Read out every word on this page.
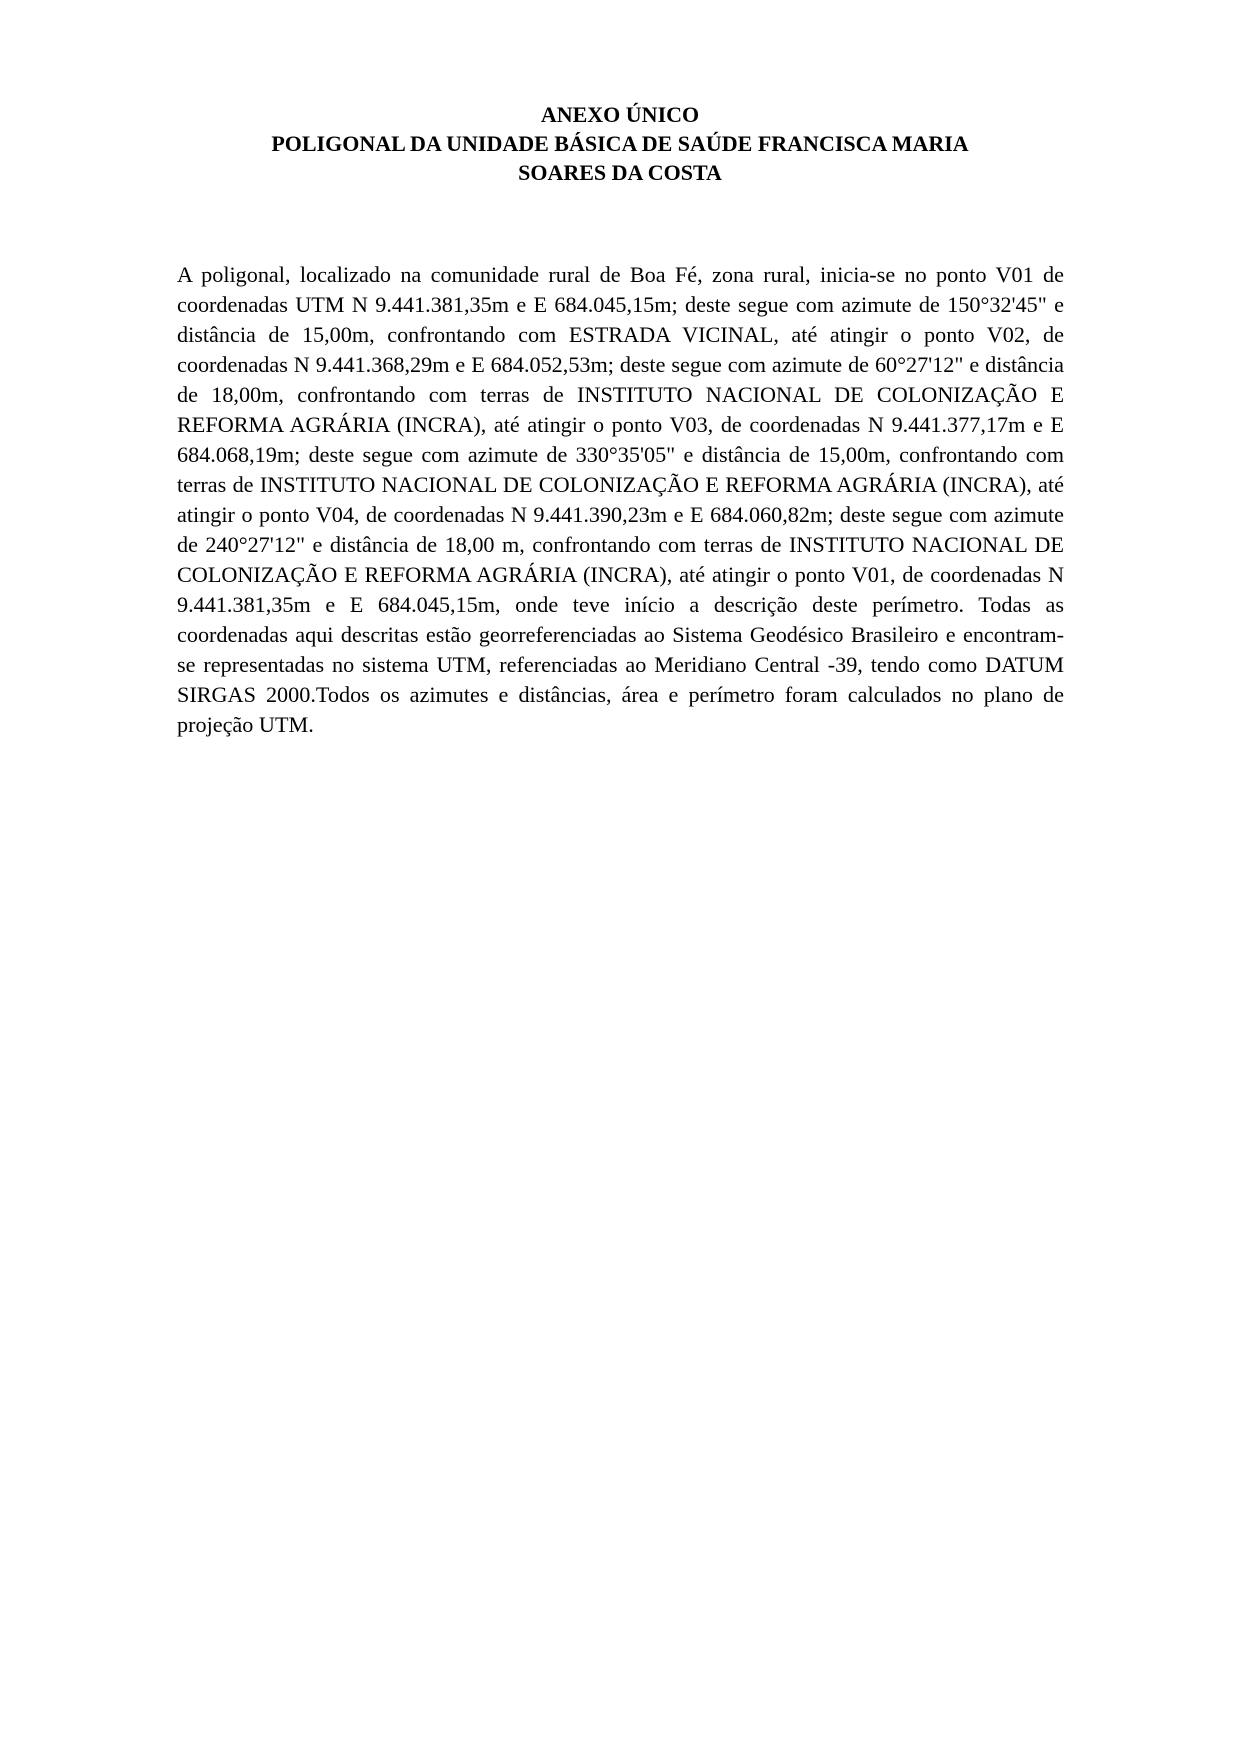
ANEXO ÚNICO
POLIGONAL DA UNIDADE BÁSICA DE SAÚDE FRANCISCA MARIA
SOARES DA COSTA

A poligonal, localizado na comunidade rural de Boa Fé, zona rural, inicia-se no ponto V01 de coordenadas UTM N 9.441.381,35m e E 684.045,15m; deste segue com azimute de 150°32'45" e distância de 15,00m, confrontando com ESTRADA VICINAL, até atingir o ponto V02, de coordenadas N 9.441.368,29m e E 684.052,53m; deste segue com azimute de 60°27'12" e distância de 18,00m, confrontando com terras de INSTITUTO NACIONAL DE COLONIZAÇÃO E REFORMA AGRÁRIA (INCRA), até atingir o ponto V03, de coordenadas N 9.441.377,17m e E 684.068,19m; deste segue com azimute de 330°35'05" e distância de 15,00m, confrontando com terras de INSTITUTO NACIONAL DE COLONIZAÇÃO E REFORMA AGRÁRIA (INCRA), até atingir o ponto V04, de coordenadas N 9.441.390,23m e E 684.060,82m; deste segue com azimute de 240°27'12" e distância de 18,00 m, confrontando com terras de INSTITUTO NACIONAL DE COLONIZAÇÃO E REFORMA AGRÁRIA (INCRA), até atingir o ponto V01, de coordenadas N 9.441.381,35m e E 684.045,15m, onde teve início a descrição deste perímetro. Todas as coordenadas aqui descritas estão georreferenciadas ao Sistema Geodésico Brasileiro e encontram-se representadas no sistema UTM, referenciadas ao Meridiano Central -39, tendo como DATUM SIRGAS 2000.Todos os azimutes e distâncias, área e perímetro foram calculados no plano de projeção UTM.
